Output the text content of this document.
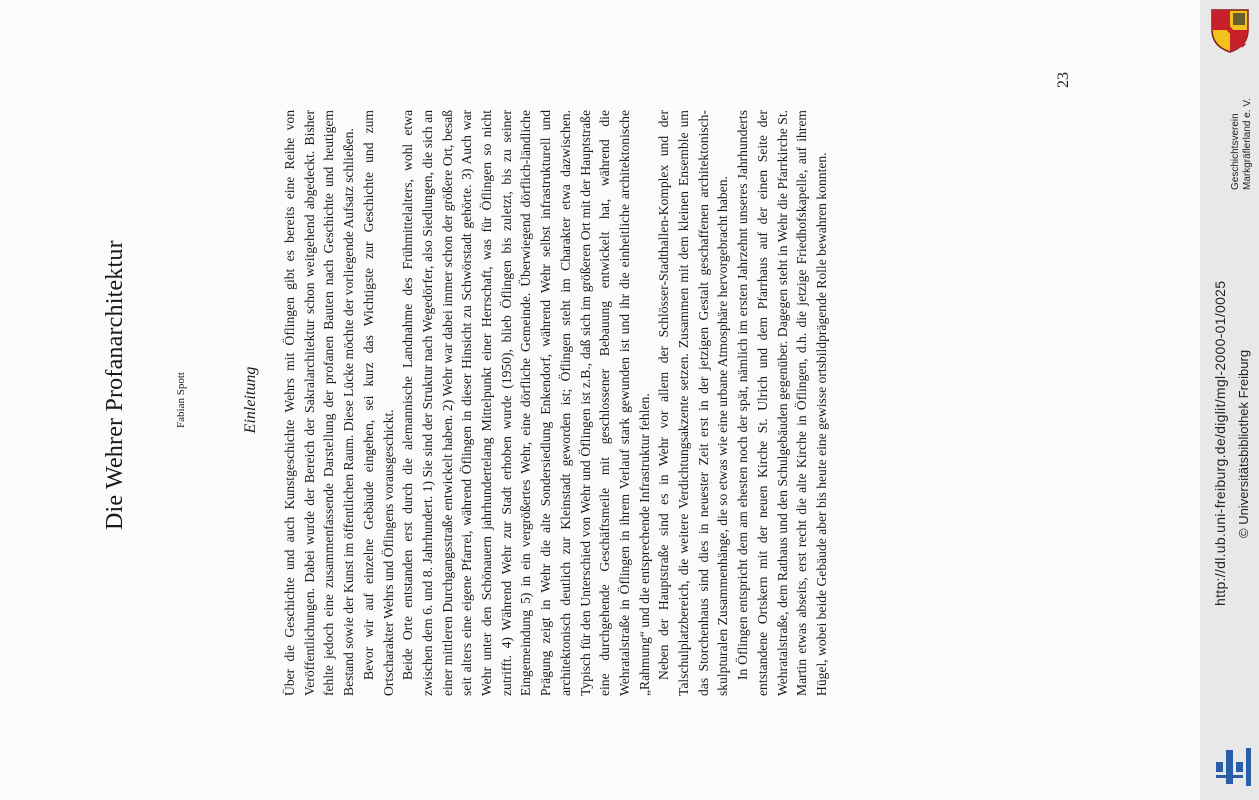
Die Wehrer Profanarchitektur	Fabian Spott	Einleitung Über die Geschichte und auch Kunstgeschichte Wehrs mit Öflingen gibt es bereits eine Reihe von Veröffentlichungen. Dabei wurde der Bereich der Sakralarchitektur schon weitgehend abgedeckt. Bisher fehlte jedoch eine zusammenfassende Darstellung der profanen Bauten nach Geschichte und heutigem Bestand sowie der Kunst im öffentlichen Raum. Diese Lücke möchte der vorliegende Aufsatz schließen. Bevor wir auf einzelne Gebäude eingehen, sei kurz das Wichtigste zur Geschichte und zum Ortscharakter Wehrs und Öflingens vorausgeschickt. Beide Orte entstanden erst durch die alemannische Landnahme des Frühmittelalters, wohl etwa zwischen dem 6. und 8. Jahrhundert. 1) Sie sind der Struktur nach Wegedörfer, also Siedlungen, die sich an einer mittleren Durchgangsstraße entwickelt haben. 2) Wehr war dabei immer schon der größere Ort, besaß seit alters eine eigene Pfarrei, während Öflingen in dieser Hinsicht zu Schwörstadt gehörte. 3) Auch war Wehr unter den Schönauern jahrhundertelang Mittelpunkt einer Herrschaft, was für Öflingen so nicht zutrifft. 4) Während Wehr zur Stadt erhoben wurde (1950), blieb Öflingen bis zuletzt, bis zu seiner Eingemeindung 5) in ein vergrößertes Wehr, eine dörfliche Gemeinde. Überwiegend dörflich-ländliche Prägung zeigt in Wehr die alte Sondersiedlung Enkendorf, während Wehr selbst infrastrukturell und architektonisch deutlich zur Kleinstadt geworden ist; Öflingen steht im Charakter etwa dazwischen. Typisch für den Unterschied von Wehr und Öflingen ist z.B., daß sich im größeren Ort mit der Hauptstraße eine durchgehende Geschäftsmeile mit geschlossener Bebauung entwickelt hat, während die Wehratalstraße in Öflingen in ihrem Verlauf stark gewunden ist und ihr die einheitliche architektonische „Rahmung“ und die entsprechende Infrastruktur fehlen. Neben der Hauptstraße sind es in Wehr vor allem der Schlösser-Stadthallen-Komplex und der Talschulplatzbereich, die weitere Verdichtungsakzente setzen. Zusammen mit dem kleinen Ensemble um das Storchenhaus sind dies in neuester Zeit erst in der jetzigen Gestalt geschaffenen architektonisch-skulpturalen Zusammenhänge, die so etwas wie eine urbane Atmosphäre hervorgebracht haben. In Öflingen entspricht dem am ehesten noch der spät, nämlich im ersten Jahrzehnt unseres Jahrhunderts entstandene Ortskern mit der neuen Kirche St. Ulrich und dem Pfarrhaus auf der einen Seite der Wehratalstraße, dem Rathaus und den Schulgebäuden gegenüber. Dagegen steht in Wehr die Pfarrkirche St. Martin etwas abseits, erst recht die alte Kirche in Öflingen, d.h. die jetzige Friedhofskapelle, auf ihrem Hügel, wobei beide Gebäude aber bis heute eine gewisse ortsbildprägende Rolle bewahren konnten.

23
http://dl.ub.uni-freiburg.de/diglit/mgl-2000-01/0025 © Universitätsbibliothek Freiburg
Geschichtsverein Markgräflerland e. V.
